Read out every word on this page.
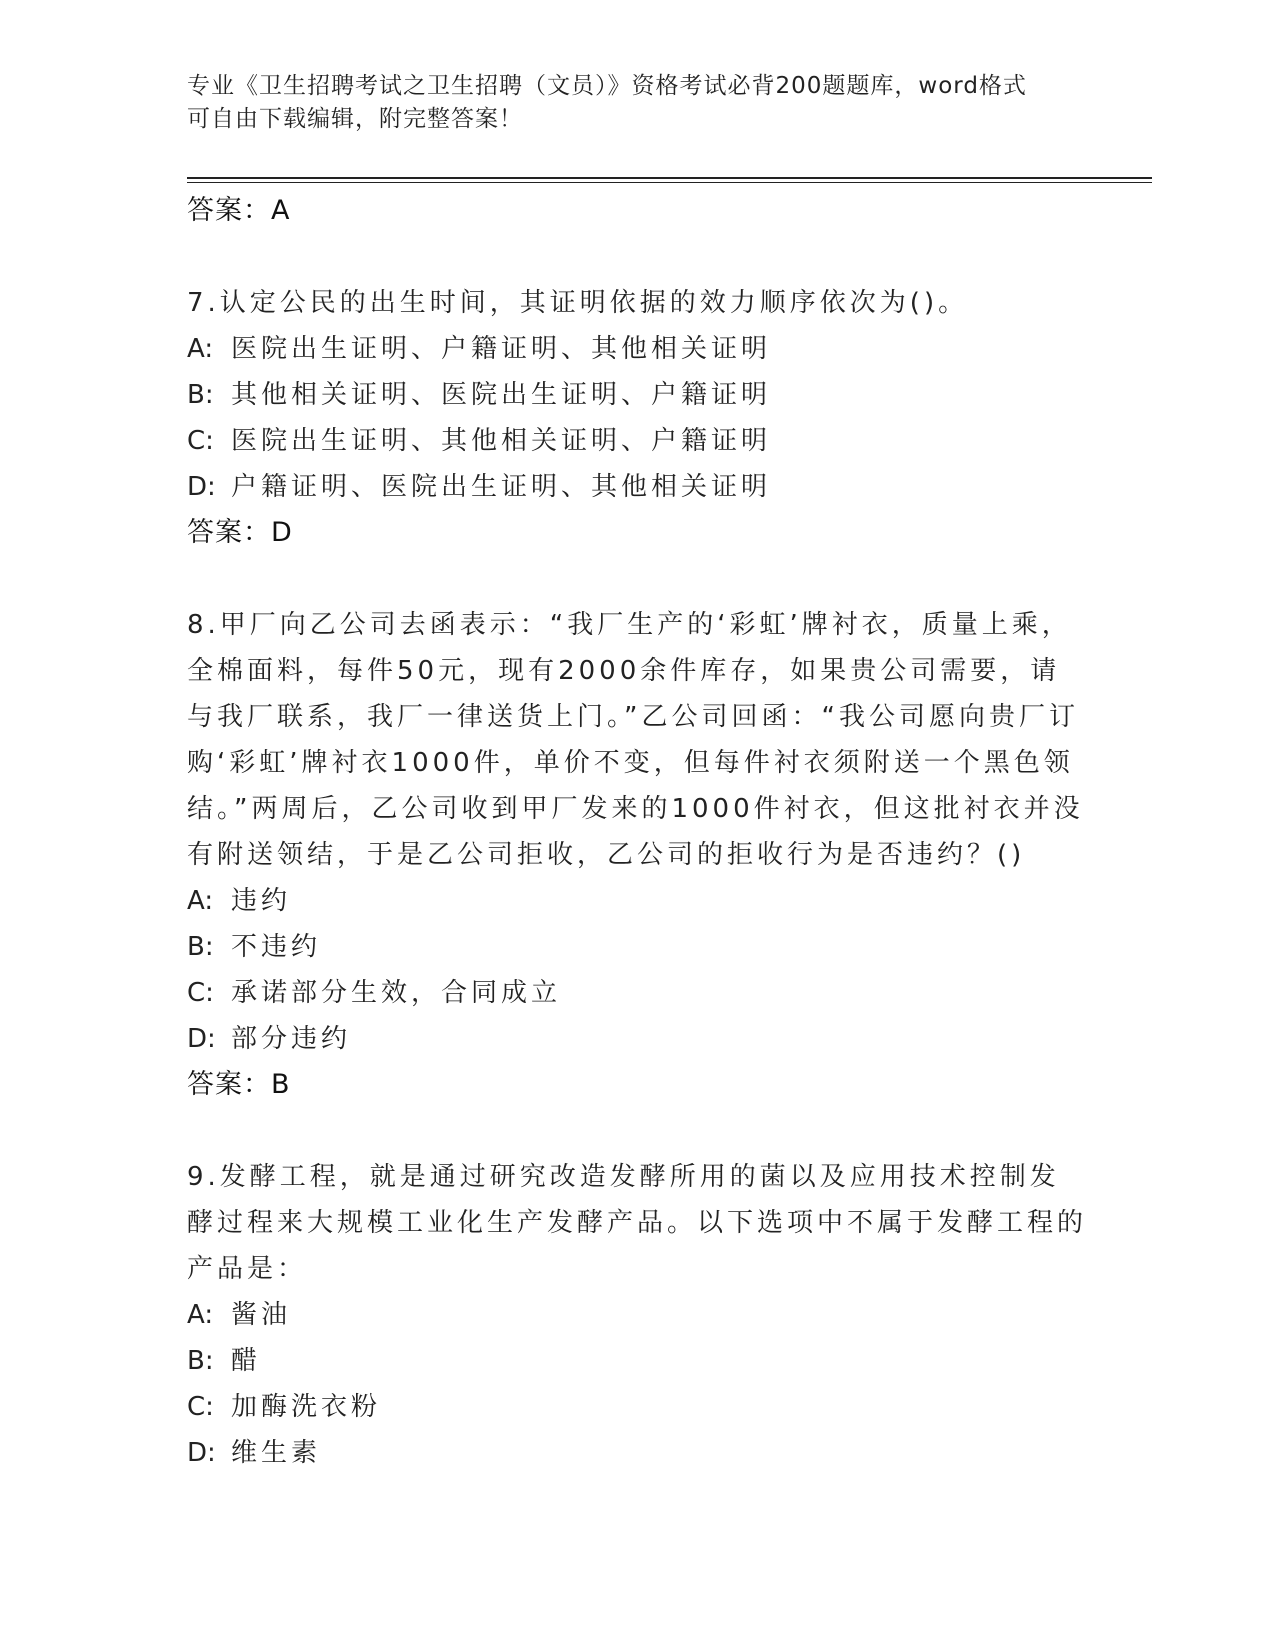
专业《卫生招聘考试之卫生招聘（文员）》资格考试必背200题题库，word格式
可自由下载编辑，附完整答案！

答案：A

7.认定公民的出生时间，其证明依据的效力顺序依次为()。

A: 医院出生证明、户籍证明、其他相关证明

B: 其他相关证明、医院出生证明、户籍证明

C: 医院出生证明、其他相关证明、户籍证明

D: 户籍证明、医院出生证明、其他相关证明

答案：D

8.甲厂向乙公司去函表示：“我厂生产的‘彩虹’牌衬衣，质量上乘，全棉面料，每件50元，现有2000余件库存，如果贵公司需要，请与我厂联系，我厂一律送货上门。”乙公司回函：“我公司愿向贵厂订购‘彩虹’牌衬衣1000件，单价不变，但每件衬衣须附送一个黑色领结。”两周后，乙公司收到甲厂发来的1000件衬衣，但这批衬衣并没有附送领结，于是乙公司拒收，乙公司的拒收行为是否违约？()

A: 违约

B: 不违约

C: 承诺部分生效，合同成立

D: 部分违约

答案：B

9.发酵工程，就是通过研究改造发酵所用的菌以及应用技术控制发酵过程来大规模工业化生产发酵产品。以下选项中不属于发酵工程的产品是：

A: 酱油

B: 醋

C: 加酶洗衣粉

D: 维生素
